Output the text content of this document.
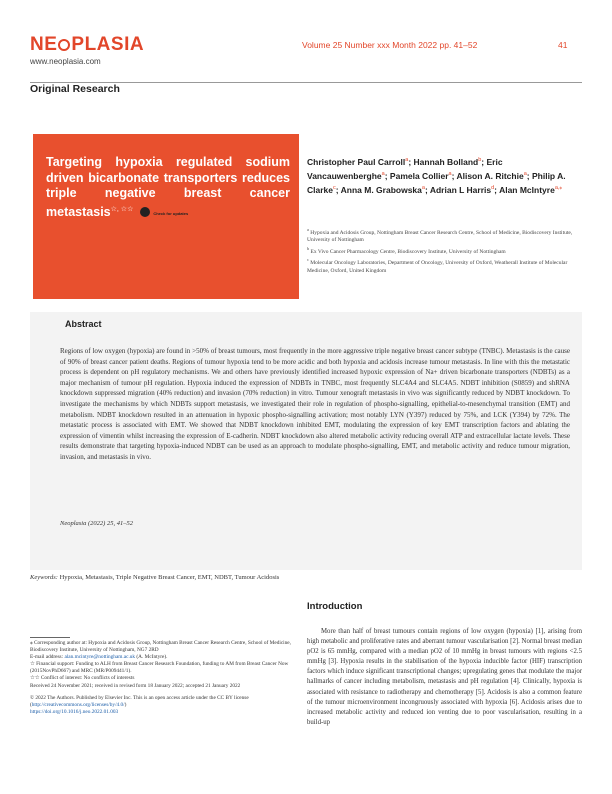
NE PLASIA
www.neoplasia.com
Volume 25 Number xxx Month 2022 pp. 41–52	41
Original Research
Targeting hypoxia regulated sodium driven bicarbonate transporters reduces triple negative breast cancer metastasis☆, ☆☆  Check for updates
Christopher Paul Carroll$^a$; Hannah Bolland$^b$; Eric Vancauwenberghe$^a$; Pamela Collier$^a$; Alison A. Ritchie$^a$; Philip A. Clarke$^c$; Anna M. Grabowska$^a$; Adrian L Harris$^d$; Alan McIntyre$^{a,⁎}$
$^a$ Hypoxia and Acidosis Group, Nottingham Breast Cancer Research Centre, School of Medicine, Biodiscovery Institute, University of Nottingham
$^b$ Ex Vivo Cancer Pharmacology Centre, Biodiscovery Institute, University of Nottingham
$^c$ Molecular Oncology Laboratories, Department of Oncology, University of Oxford, Weatherall Institute of Molecular Medicine, Oxford, United Kingdom
Abstract
Regions of low oxygen (hypoxia) are found in >50% of breast tumours, most frequently in the more aggressive triple negative breast cancer subtype (TNBC). Metastasis is the cause of 90% of breast cancer patient deaths. Regions of tumour hypoxia tend to be more acidic and both hypoxia and acidosis increase tumour metastasis. In line with this the metastatic process is dependent on pH regulatory mechanisms. We and others have previously identified increased hypoxic expression of Na+ driven bicarbonate transporters (NDBTs) as a major mechanism of tumour pH regulation. Hypoxia induced the expression of NDBTs in TNBC, most frequently SLC4A4 and SLC4A5. NDBT inhibition (S0859) and shRNA knockdown suppressed migration (40% reduction) and invasion (70% reduction) in vitro. Tumour xenograft metastasis in vivo was significantly reduced by NDBT knockdown. To investigate the mechanisms by which NDBTs support metastasis, we investigated their role in regulation of phospho-signalling, epithelial-to-mesenchymal transition (EMT) and metabolism. NDBT knockdown resulted in an attenuation in hypoxic phospho-signalling activation; most notably LYN (Y397) reduced by 75%, and LCK (Y394) by 72%. The metastatic process is associated with EMT. We showed that NDBT knockdown inhibited EMT, modulating the expression of key EMT transcription factors and ablating the expression of vimentin whilst increasing the expression of E-cadherin. NDBT knockdown also altered metabolic activity reducing overall ATP and extracellular lactate levels. These results demonstrate that targeting hypoxia-induced NDBT can be used as an approach to modulate phospho-signalling, EMT, and metabolic activity and reduce tumour migration, invasion, and metastasis in vivo.
Neoplasia (2022) 25, 41–52
Keywords: Hypoxia, Metastasis, Triple Negative Breast Cancer, EMT, NDBT, Tumour Acidosis
Introduction
More than half of breast tumours contain regions of low oxygen (hypoxia) [1], arising from high metabolic and proliferative rates and aberrant tumour vascularisation [2]. Normal breast median pO2 is 65 mmHg, compared with a median pO2 of 10 mmHg in breast tumours with regions <2.5 mmHg [3]. Hypoxia results in the stabilisation of the hypoxia inducible factor (HIF) transcription factors which induce significant transcriptional changes; upregulating genes that modulate the major hallmarks of cancer including metabolism, metastasis and pH regulation [4]. Clinically, hypoxia is associated with resistance to radiotherapy and chemotherapy [5]. Acidosis is also a common feature of the tumour microenvironment incongruously associated with hypoxia [6]. Acidosis arises due to increased metabolic activity and reduced ion venting due to poor vascularisation, resulting in a build-up

⁎ Corresponding author at: Hypoxia and Acidosis Group, Nottingham Breast Cancer Research Centre, School of Medicine, Biodiscovery Institute, University of Nottingham, NG7 2RD

E-mail address: alan.mcintyre@nottingham.ac.uk (A. McIntyre).

☆ Financial support: Funding to ALH from Breast Cancer Research Foundation, funding to AM from Breast Cancer Now (2015NovPhD667) and MRC (MR/P009441/1).

☆☆ Conflict of interest: No conflicts of interests

Received 24 November 2021; received in revised form 18 January 2022; accepted 21 January 2022

© 2022 The Authors. Published by Elsevier Inc. This is an open access article under the CC BY license (http://creativecommons.org/licenses/by/4.0/)

https://doi.org/10.1016/j.neo.2022.01.003
